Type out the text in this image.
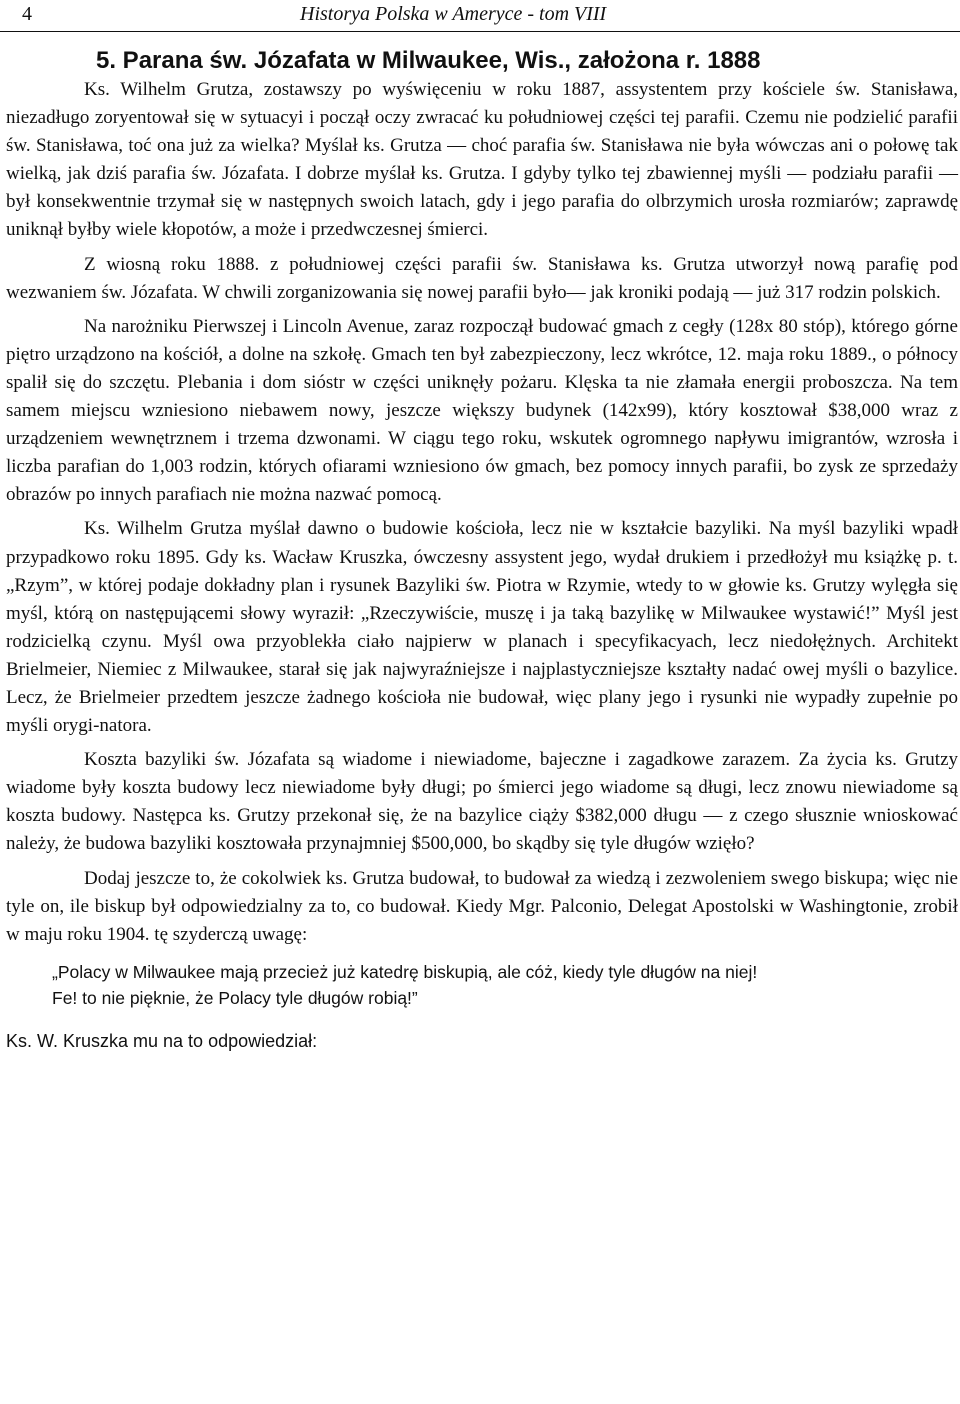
4	Historya Polska w Ameryce - tom VIII
5. Parana św. Józafata w Milwaukee, Wis., założona r. 1888

Ks. Wilhelm Grutza, zostawszy po wyświęceniu w roku 1887, assystentem przy kościele św. Stanisława, niezadługo zoryentował się w sytuacyi i począł oczy zwracać ku południowej części tej parafii. Czemu nie podzielić parafii św. Stanisława, toć ona już za wielka? Myślał ks. Grutza — choć parafia św. Stanisława nie była wówczas ani o połowę tak wielką, jak dziś parafia św. Józafata. I dobrze myślał ks. Grutza. I gdyby tylko tej zbawiennej myśli — podziału parafii — był konsekwentnie trzymał się w następnych swoich latach, gdy i jego parafia do olbrzymich urosła rozmiarów; zaprawdę uniknął byłby wiele kłopotów, a może i przedwczesnej śmierci.

Z wiosną roku 1888. z południowej części parafii św. Stanisława ks. Grutza utworzył nową parafię pod wezwaniem św. Józafata. W chwili zorganizowania się nowej parafii było— jak kroniki podają — już 317 rodzin polskich.

Na narożniku Pierwszej i Lincoln Avenue, zaraz rozpoczął budować gmach z cegły (128x 80 stóp), którego górne piętro urządzono na kościół, a dolne na szkołę. Gmach ten był zabezpieczony, lecz wkrótce, 12. maja roku 1889., o północy spalił się do szczętu. Plebania i dom sióstr w części uniknęły pożaru. Klęska ta nie złamała energii proboszcza. Na tem samem miejscu wzniesiono niebawem nowy, jeszcze większy budynek (142x99), który kosztował $38,000 wraz z urządzeniem wewnętrznem i trzema dzwonami. W ciągu tego roku, wskutek ogromnego napływu imigrantów, wzrosła i liczba parafian do 1,003 rodzin, których ofiarami wzniesiono ów gmach, bez pomocy innych parafii, bo zysk ze sprzedaży obrazów po innych parafiach nie można nazwać pomocą.

Ks. Wilhelm Grutza myślał dawno o budowie kościoła, lecz nie w kształcie bazyliki. Na myśl bazyliki wpadł przypadkowo roku 1895. Gdy ks. Wacław Kruszka, ówczesny assystent jego, wydał drukiem i przedłożył mu książkę p. t. „Rzym”, w której podaje dokładny plan i rysunek Bazyliki św. Piotra w Rzymie, wtedy to w głowie ks. Grutzy wylęgła się myśl, którą on następującemi słowy wyraził: „Rzeczywiście, muszę i ja taką bazylikę w Milwaukee wystawić!” Myśl jest rodzicielką czynu. Myśl owa przyoblekła ciało najpierw w planach i specyfikacyach, lecz niedołężnych. Architekt Brielmeier, Niemiec z Milwaukee, starał się jak najwyraźniejsze i najplastyczniejsze kształty nadać owej myśli o bazylice. Lecz, że Brielmeier przedtem jeszcze żadnego kościoła nie budował, więc plany jego i rysunki nie wypadły zupełnie po myśli orygi-natora.

Koszta bazyliki św. Józafata są wiadome i niewiadome, bajeczne i zagadkowe zarazem. Za życia ks. Grutzy wiadome były koszta budowy lecz niewiadome były długi; po śmierci jego wiadome są długi, lecz znowu niewiadome są koszta budowy. Następca ks. Grutzy przekonał się, że na bazylice ciąży $382,000 długu — z czego słusznie wnioskować należy, że budowa bazyliki kosztowała przynajmniej $500,000, bo skądby się tyle długów wzięło?

Dodaj jeszcze to, że cokolwiek ks. Grutza budował, to budował za wiedzą i zezwoleniem swego biskupa; więc nie tyle on, ile biskup był odpowiedzialny za to, co budował. Kiedy Mgr. Palconio, Delegat Apostolski w Washingtonie, zrobił w maju roku 1904. tę szyderczą uwagę:

„Polacy w Milwaukee mają przecież już katedrę biskupią, ale cóż, kiedy tyle długów na niej!
Fe! to nie pięknie, że Polacy tyle długów robią!”

Ks. W. Kruszka mu na to odpowiedział:
